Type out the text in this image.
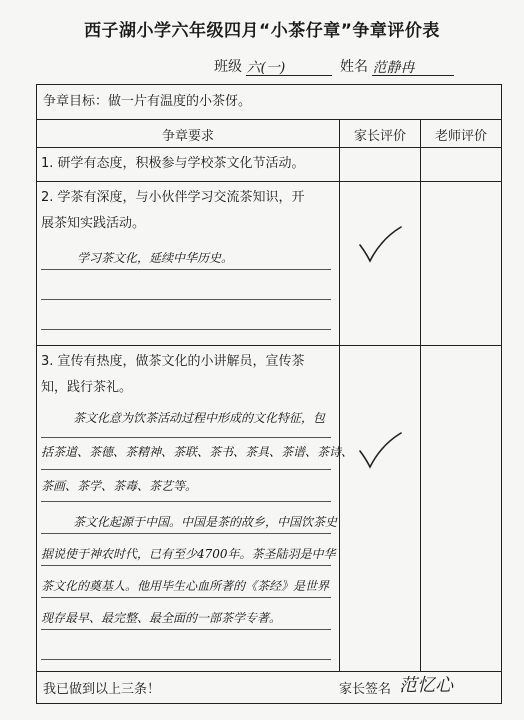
西子湖小学六年级四月“小茶仔章”争章评价表
班级 六(一)	姓名 范静冉
争章目标：做一片有温度的小茶伢。
争章要求	家长评价	老师评价
1. 研学有态度，积极参与学校茶文化节活动。
2. 学茶有深度，与小伙伴学习交流茶知识，开
展茶知实践活动。
学习茶文化，延续中华历史。
3. 宣传有热度，做茶文化的小讲解员，宣传茶
知，践行茶礼。
茶文化意为饮茶活动过程中形成的文化特征，包
括茶道、茶德、茶精神、茶联、茶书、茶具、茶谱、茶诗、
茶画、茶学、茶毒、茶艺等。
茶文化起源于中国。中国是茶的故乡，中国饮茶史
据说使于神农时代，已有至少4700年。茶圣陆羽是中华
茶文化的奠基人。他用毕生心血所著的《茶经》是世界
现存最早、最完整、最全面的一部茶学专著。
我已做到以上三条！	家长签名 范忆心
